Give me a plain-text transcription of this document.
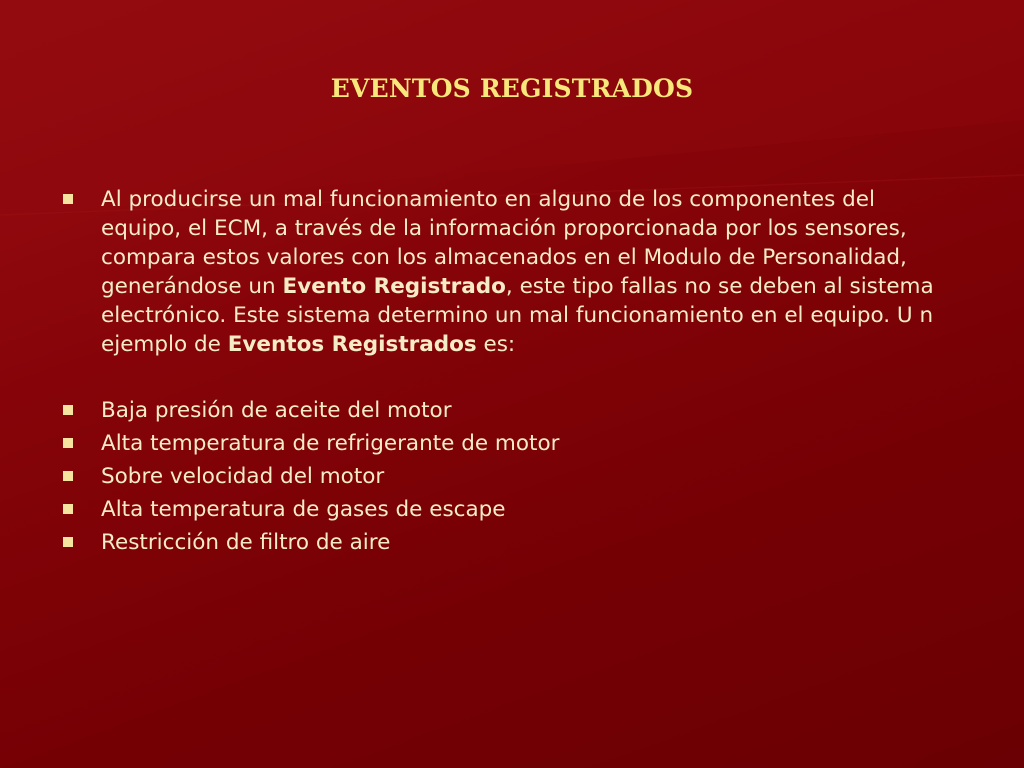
EVENTOS REGISTRADOS
Al producirse un mal funcionamiento en alguno de los componentes del equipo, el ECM, a través de la información proporcionada por los sensores, compara estos valores con los almacenados en el Modulo de Personalidad, generándose un Evento Registrado, este tipo fallas no se deben al sistema electrónico. Este sistema determino un mal funcionamiento en el equipo. U n ejemplo de Eventos Registrados es:
Baja presión de aceite del motor
Alta temperatura de refrigerante de motor
Sobre velocidad del motor
Alta temperatura de gases de escape
Restricción de filtro de aire
